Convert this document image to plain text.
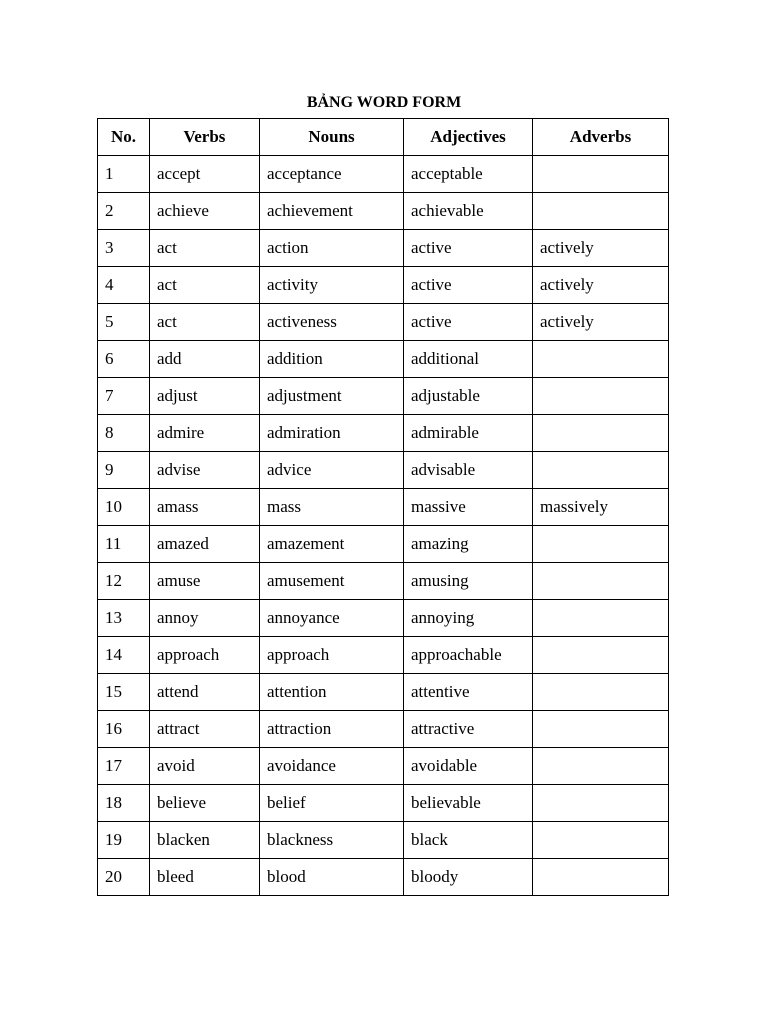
BẢNG WORD FORM
No.	Verbs	Nouns	Adjectives	Adverbs
1	accept	acceptance	acceptable	
2	achieve	achievement	achievable	
3	act	action	active	actively
4	act	activity	active	actively
5	act	activeness	active	actively
6	add	addition	additional	
7	adjust	adjustment	adjustable	
8	admire	admiration	admirable	
9	advise	advice	advisable	
10	amass	mass	massive	massively
11	amazed	amazement	amazing	
12	amuse	amusement	amusing	
13	annoy	annoyance	annoying	
14	approach	approach	approachable	
15	attend	attention	attentive	
16	attract	attraction	attractive	
17	avoid	avoidance	avoidable	
18	believe	belief	believable	
19	blacken	blackness	black	
20	bleed	blood	bloody	
